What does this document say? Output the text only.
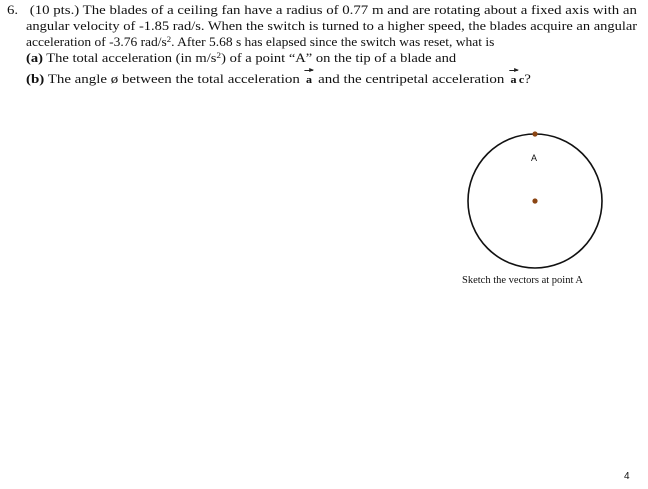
6. (10 pts.) The blades of a ceiling fan have a radius of 0.77 m and are rotating about a fixed axis with an
angular velocity of -1.85 rad/s. When the switch is turned to a higher speed, the blades acquire an angular
acceleration of -3.76 rad/$s^2$. After 5.68 s has elapsed since the switch was reset, what is
(a) The total acceleration (in $m/s^2$) of a point “A” on the tip of a blade and
(b) The angle ø between the total acceleration a and the centripetal acceleration a c?
A
Sketch the vectors at point A
4
